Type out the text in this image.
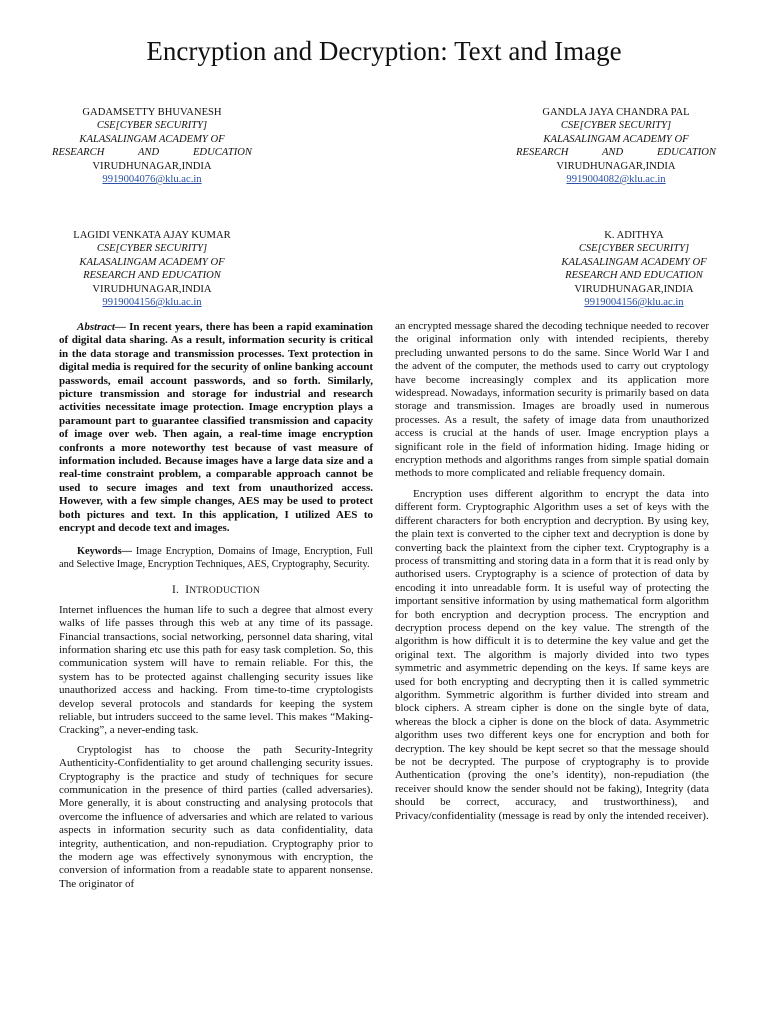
Encryption and Decryption: Text and Image
GADAMSETTY BHUVANESH
CSE[CYBER SECURITY]
KALASALINGAM ACADEMY OF
RESEARCH AND EDUCATION
VIRUDHUNAGAR,INDIA
9919004076@klu.ac.in
GANDLA JAYA CHANDRA PAL
CSE[CYBER SECURITY]
KALASALINGAM ACADEMY OF
RESEARCH AND EDUCATION
VIRUDHUNAGAR,INDIA
9919004082@klu.ac.in
LAGIDI VENKATA AJAY KUMAR
CSE[CYBER SECURITY]
KALASALINGAM ACADEMY OF
RESEARCH AND EDUCATION
VIRUDHUNAGAR,INDIA
9919004156@klu.ac.in
K. ADITHYA
CSE[CYBER SECURITY]
KALASALINGAM ACADEMY OF
RESEARCH AND EDUCATION
VIRUDHUNAGAR,INDIA
9919004156@klu.ac.in

Abstract— In recent years, there has been a rapid examination of digital data sharing. As a result, information security is critical in the data storage and transmission processes. Text protection in digital media is required for the security of online banking account passwords, email account passwords, and so forth. Similarly, picture transmission and storage for industrial and research activities necessitate image protection. Image encryption plays a paramount part to guarantee classified transmission and capacity of image over web. Then again, a real-time image encryption confronts a more noteworthy test because of vast measure of information included. Because images have a large data size and a real-time constraint problem, a comparable approach cannot be used to secure images and text from unauthorized access. However, with a few simple changes, AES may be used to protect both pictures and text. In this application, I utilized AES to encrypt and decode text and images.

Keywords— Image Encryption, Domains of Image, Encryption, Full and Selective Image, Encryption Techniques, AES, Cryptography, Security.

I. INTRODUCTION

Internet influences the human life to such a degree that almost every walks of life passes through this web at any time of its passage. Financial transactions, social networking, personnel data sharing, vital information sharing etc use this path for easy task completion. So, this communication system will have to remain reliable. For this, the system has to be protected against challenging security issues like unauthorized access and hacking. From time-to-time cryptologists develop several protocols and standards for keeping the system reliable, but intruders succeed to the same level. This makes “Making-Cracking”, a never-ending task.

Cryptologist has to choose the path Security-Integrity Authenticity-Confidentiality to get around challenging security issues. Cryptography is the practice and study of techniques for secure communication in the presence of third parties (called adversaries). More generally, it is about constructing and analysing protocols that overcome the influence of adversaries and which are related to various aspects in information security such as data confidentiality, data integrity, authentication, and non-repudiation. Cryptography prior to the modern age was effectively synonymous with encryption, the conversion of information from a readable state to apparent nonsense. The originator of

an encrypted message shared the decoding technique needed to recover the original information only with intended recipients, thereby precluding unwanted persons to do the same. Since World War I and the advent of the computer, the methods used to carry out cryptology have become increasingly complex and its application more widespread. Nowadays, information security is primarily based on data storage and transmission. Images are broadly used in numerous processes. As a result, the safety of image data from unauthorized access is crucial at the hands of user. Image encryption plays a significant role in the field of information hiding. Image hiding or encryption methods and algorithms ranges from simple spatial domain methods to more complicated and reliable frequency domain.

Encryption uses different algorithm to encrypt the data into different form. Cryptographic Algorithm uses a set of keys with the different characters for both encryption and decryption. By using key, the plain text is converted to the cipher text and decryption is done by converting back the plaintext from the cipher text. Cryptography is a process of transmitting and storing data in a form that it is read only by authorised users. Cryptography is a science of protection of data by encoding it into unreadable form. It is useful way of protecting the important sensitive information by using mathematical form algorithm for both encryption and decryption process. The encryption and decryption process depend on the key value. The strength of the algorithm is how difficult it is to determine the key value and get the original text. The algorithm is majorly divided into two types symmetric and asymmetric depending on the keys. If same keys are used for both encrypting and decrypting then it is called symmetric algorithm. Symmetric algorithm is further divided into stream and block ciphers. A stream cipher is done on the single byte of data, whereas the block a cipher is done on the block of data. Asymmetric algorithm uses two different keys one for encryption and both for decryption. The key should be kept secret so that the message should be not be decrypted. The purpose of cryptography is to provide Authentication (proving the one’s identity), non-repudiation (the receiver should know the sender should not be faking), Integrity (data should be correct, accuracy, and trustworthiness), and Privacy/confidentiality (message is read by only the intended receiver).
